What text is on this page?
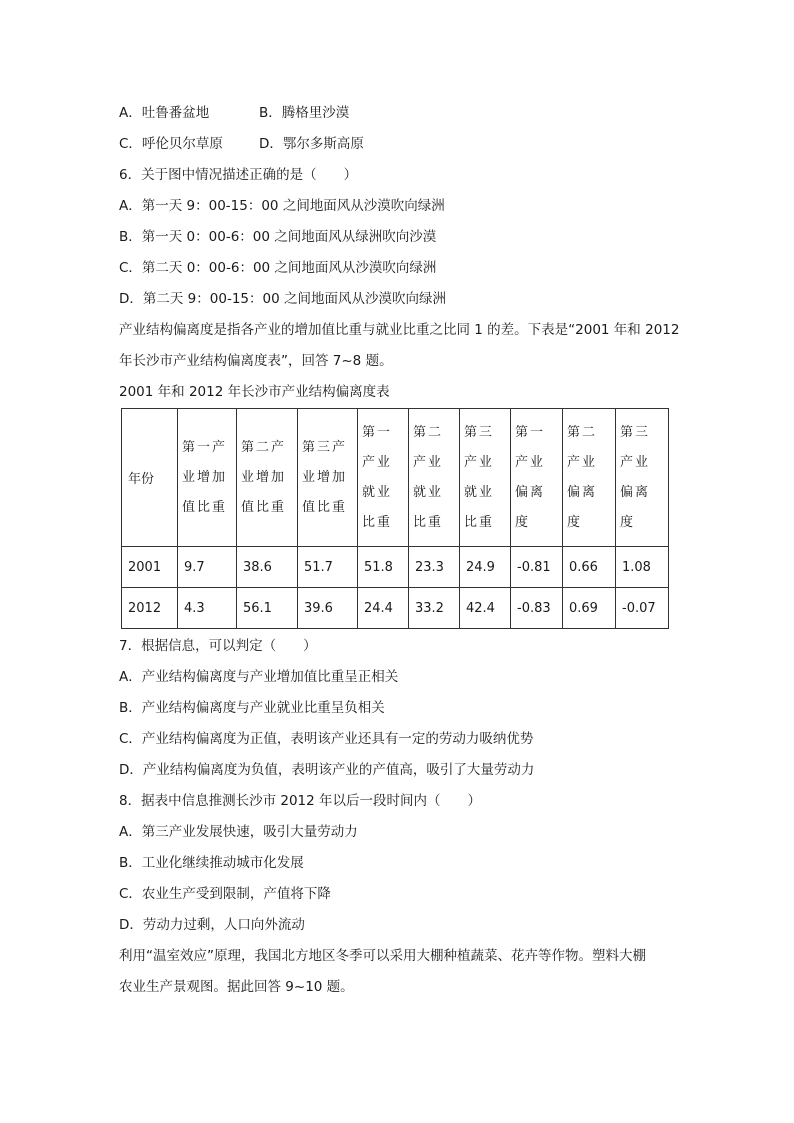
A．吐鲁番盆地	B．腾格里沙漠
C．呼伦贝尔草原	D．鄂尔多斯高原
6．关于图中情况描述正确的是（　　）
A．第一天 9：00-15：00 之间地面风从沙漠吹向绿洲
B．第一天 0：00-6：00 之间地面风从绿洲吹向沙漠
C．第二天 0：00-6：00 之间地面风从沙漠吹向绿洲
D．第二天 9：00-15：00 之间地面风从沙漠吹向绿洲
产业结构偏离度是指各产业的增加值比重与就业比重之比同 1 的差。下表是“2001 年和 2012
年长沙市产业结构偏离度表”，回答 7~8 题。
2001 年和 2012 年长沙市产业结构偏离度表
年份	第一产业增加值比重	第二产业增加值比重	第三产业增加值比重	第一产业就业比重	第二产业就业比重	第三产业就业比重	第一产业偏离度	第二产业偏离度	第三产业偏离度
2001	9.7	38.6	51.7	51.8	23.3	24.9	-0.81	0.66	1.08
2012	4.3	56.1	39.6	24.4	33.2	42.4	-0.83	0.69	-0.07
7．根据信息，可以判定（　　）
A．产业结构偏离度与产业增加值比重呈正相关
B．产业结构偏离度与产业就业比重呈负相关
C．产业结构偏离度为正值，表明该产业还具有一定的劳动力吸纳优势
D．产业结构偏离度为负值，表明该产业的产值高，吸引了大量劳动力
8．据表中信息推测长沙市 2012 年以后一段时间内（　　）
A．第三产业发展快速，吸引大量劳动力
B．工业化继续推动城市化发展
C．农业生产受到限制，产值将下降
D．劳动力过剩，人口向外流动
利用“温室效应”原理，我国北方地区冬季可以采用大棚种植蔬菜、花卉等作物。塑料大棚
农业生产景观图。据此回答 9~10 题。
